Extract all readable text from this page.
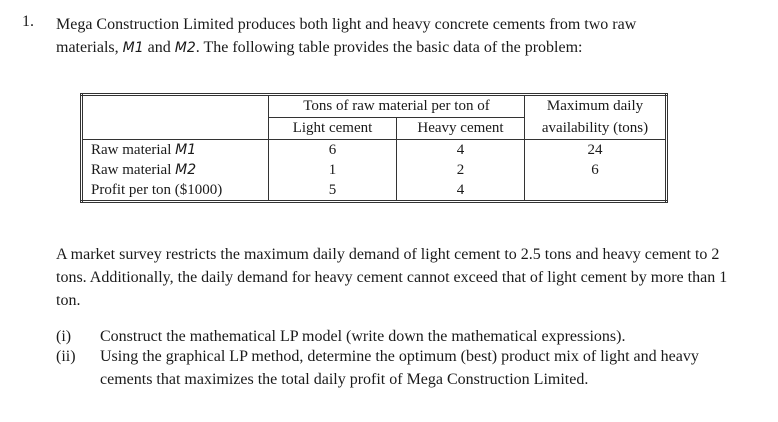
1. Mega Construction Limited produces both light and heavy concrete cements from two raw
materials, M1 and M2. The following table provides the basic data of the problem:
	Tons of raw material per ton of		Maximum daily
	Light cement	Heavy cement	availability (tons)
Raw material M1	6	4	24
Raw material M2	1	2	6
Profit per ton ($1000)	5	4	
A market survey restricts the maximum daily demand of light cement to 2.5 tons and heavy cement to 2 tons. Additionally, the daily demand for heavy cement cannot exceed that of light cement by more than 1 ton.
(i) Construct the mathematical LP model (write down the mathematical expressions).
(ii) Using the graphical LP method, determine the optimum (best) product mix of light and heavy cements that maximizes the total daily profit of Mega Construction Limited.
